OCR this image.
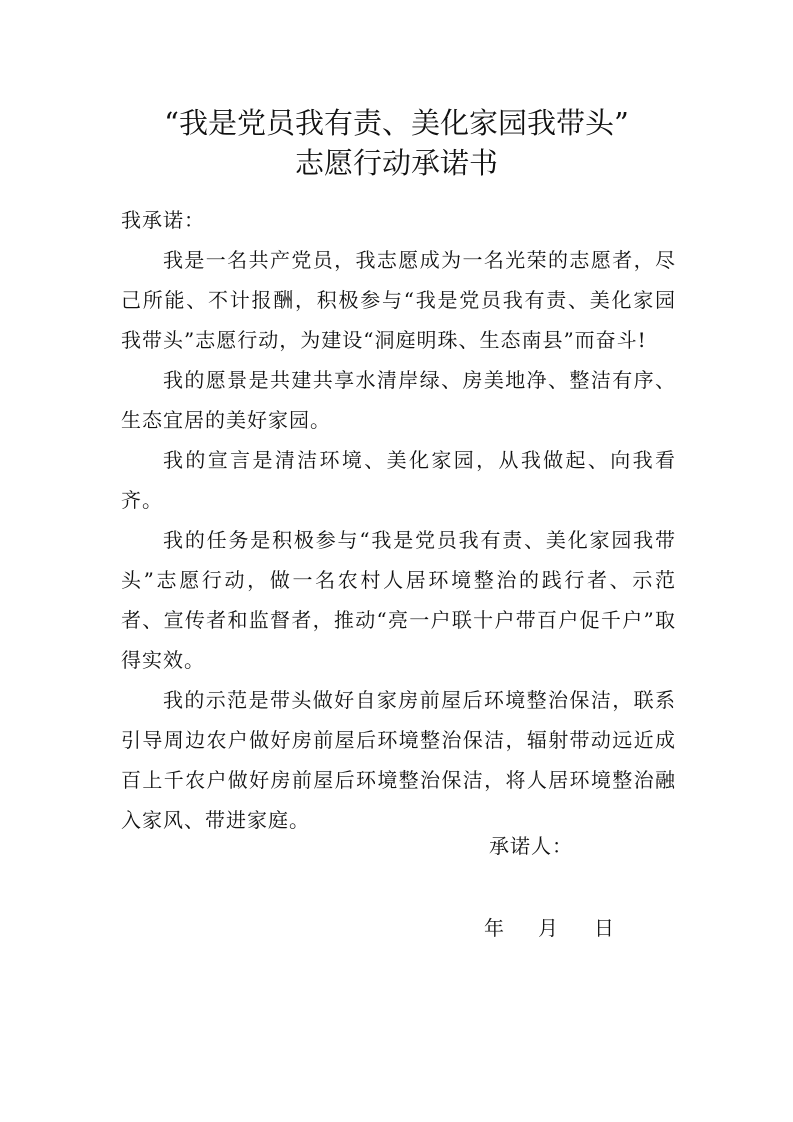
“我是党员我有责、美化家园我带头”
志愿行动承诺书

我承诺：

我是一名共产党员，我志愿成为一名光荣的志愿者，尽己所能、不计报酬，积极参与“我是党员我有责、美化家园我带头”志愿行动，为建设“洞庭明珠、生态南县”而奋斗!

我的愿景是共建共享水清岸绿、房美地净、整洁有序、生态宜居的美好家园。

我的宣言是清洁环境、美化家园，从我做起、向我看齐。

我的任务是积极参与“我是党员我有责、美化家园我带头”志愿行动，做一名农村人居环境整治的践行者、示范者、宣传者和监督者，推动“亮一户联十户带百户促千户”取得实效。

我的示范是带头做好自家房前屋后环境整治保洁，联系引导周边农户做好房前屋后环境整治保洁，辐射带动远近成百上千农户做好房前屋后环境整治保洁，将人居环境整治融入家风、带进家庭。

承诺人：
年 月 日
